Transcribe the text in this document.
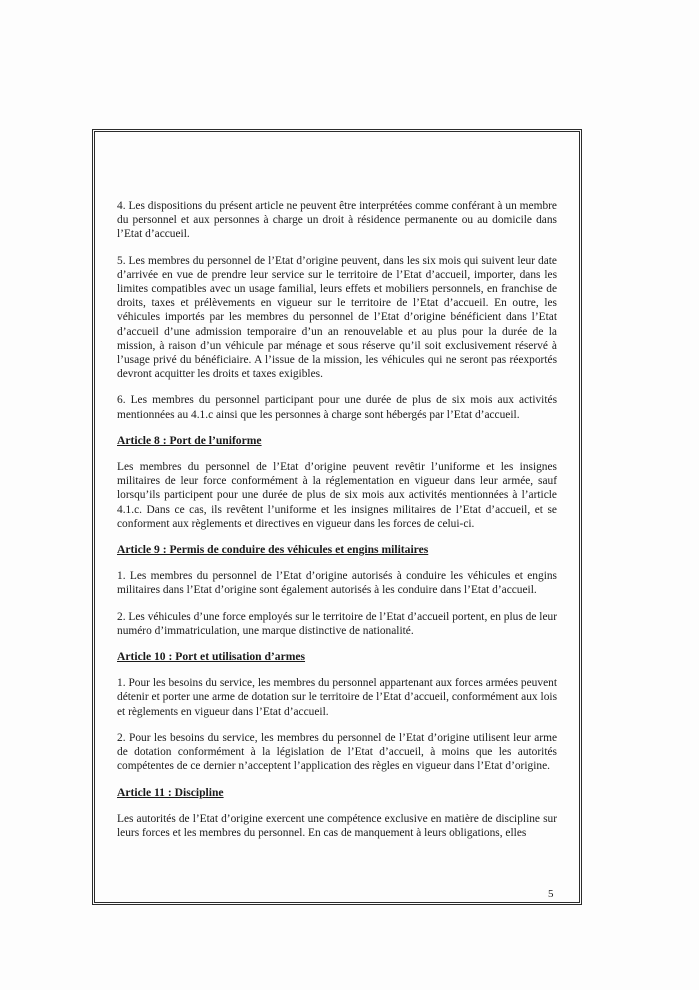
4. Les dispositions du présent article ne peuvent être interprétées comme conférant à un membre du personnel et aux personnes à charge un droit à résidence permanente ou au domicile dans l’Etat d’accueil.

5. Les membres du personnel de l’Etat d’origine peuvent, dans les six mois qui suivent leur date d’arrivée en vue de prendre leur service sur le territoire de l’Etat d’accueil, importer, dans les limites compatibles avec un usage familial, leurs effets et mobiliers personnels, en franchise de droits, taxes et prélèvements en vigueur sur le territoire de l’Etat d’accueil. En outre, les véhicules importés par les membres du personnel de l’Etat d’origine bénéficient dans l’Etat d’accueil d’une admission temporaire d’un an renouvelable et au plus pour la durée de la mission, à raison d’un véhicule par ménage et sous réserve qu’il soit exclusivement réservé à l’usage privé du bénéficiaire. A l’issue de la mission, les véhicules qui ne seront pas réexportés devront acquitter les droits et taxes exigibles.

6. Les membres du personnel participant pour une durée de plus de six mois aux activités mentionnées au 4.1.c ainsi que les personnes à charge sont hébergés par l’Etat d’accueil.

Article 8 : Port de l’uniforme

Les membres du personnel de l’Etat d’origine peuvent revêtir l’uniforme et les insignes militaires de leur force conformément à la réglementation en vigueur dans leur armée, sauf lorsqu’ils participent pour une durée de plus de six mois aux activités mentionnées à l’article 4.1.c. Dans ce cas, ils revêtent l’uniforme et les insignes militaires de l’Etat d’accueil, et se conforment aux règlements et directives en vigueur dans les forces de celui-ci.

Article 9 : Permis de conduire des véhicules et engins militaires

1. Les membres du personnel de l’Etat d’origine autorisés à conduire les véhicules et engins militaires dans l’Etat d’origine sont également autorisés à les conduire dans l’Etat d’accueil.

2. Les véhicules d’une force employés sur le territoire de l’Etat d’accueil portent, en plus de leur numéro d’immatriculation, une marque distinctive de nationalité.

Article 10 : Port et utilisation d’armes

1. Pour les besoins du service, les membres du personnel appartenant aux forces armées peuvent détenir et porter une arme de dotation sur le territoire de l’Etat d’accueil, conformément aux lois et règlements en vigueur dans l’Etat d’accueil.

2. Pour les besoins du service, les membres du personnel de l’Etat d’origine utilisent leur arme de dotation conformément à la législation de l’Etat d’accueil, à moins que les autorités compétentes de ce dernier n’acceptent l’application des règles en vigueur dans l’Etat d’origine.

Article 11 : Discipline

Les autorités de l’Etat d’origine exercent une compétence exclusive en matière de discipline sur leurs forces et les membres du personnel. En cas de manquement à leurs obligations, elles

5
